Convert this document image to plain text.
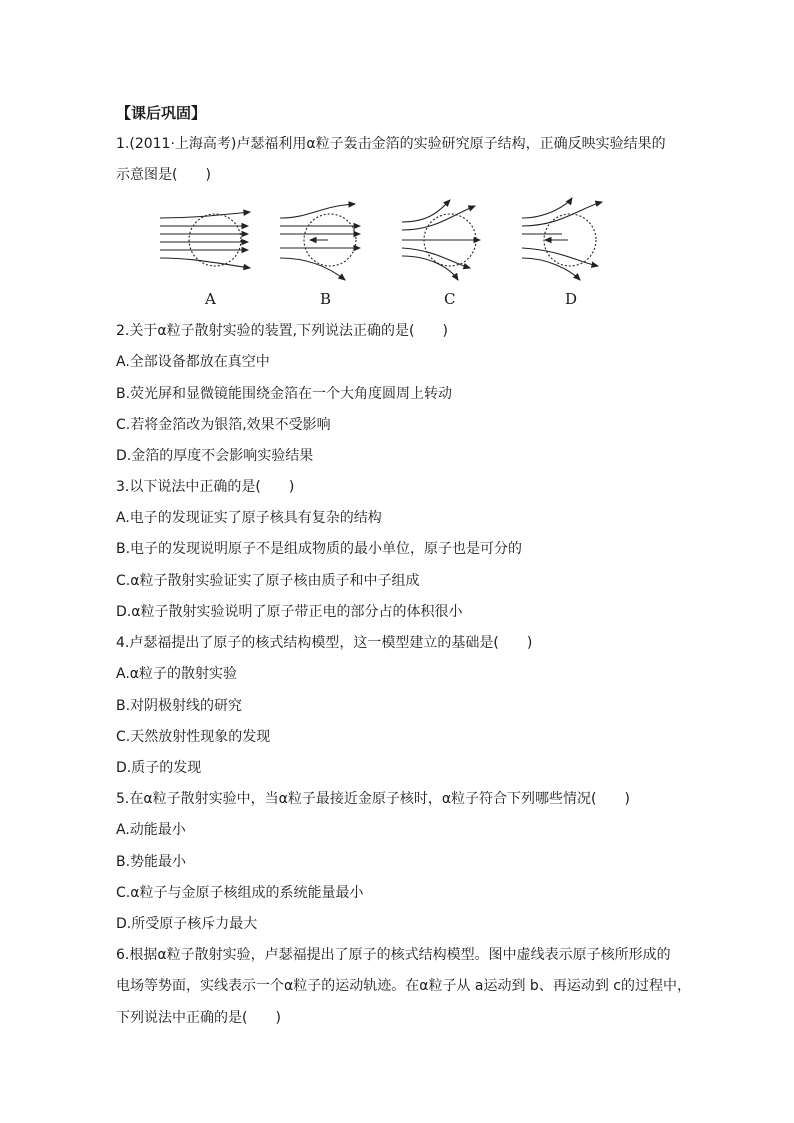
【课后巩固】
1.(2011·上海高考)卢瑟福利用α粒子轰击金箔的实验研究原子结构，正确反映实验结果的
示意图是(　　)
A	B	C	D
2.关于α粒子散射实验的装置,下列说法正确的是(　　)
A.全部设备都放在真空中
B.荧光屏和显微镜能围绕金箔在一个大角度圆周上转动
C.若将金箔改为银箔,效果不受影响
D.金箔的厚度不会影响实验结果
3.以下说法中正确的是(　　)
A.电子的发现证实了原子核具有复杂的结构
B.电子的发现说明原子不是组成物质的最小单位，原子也是可分的
C.α粒子散射实验证实了原子核由质子和中子组成
D.α粒子散射实验说明了原子带正电的部分占的体积很小
4.卢瑟福提出了原子的核式结构模型，这一模型建立的基础是(　　)
A.α粒子的散射实验
B.对阴极射线的研究
C.天然放射性现象的发现
D.质子的发现
5.在α粒子散射实验中，当α粒子最接近金原子核时，α粒子符合下列哪些情况(　　)
A.动能最小
B.势能最小
C.α粒子与金原子核组成的系统能量最小
D.所受原子核斥力最大
6.根据α粒子散射实验，卢瑟福提出了原子的核式结构模型。图中虚线表示原子核所形成的
电场等势面，实线表示一个α粒子的运动轨迹。在α粒子从 a运动到 b、再运动到 c的过程中，
下列说法中正确的是(　　)
